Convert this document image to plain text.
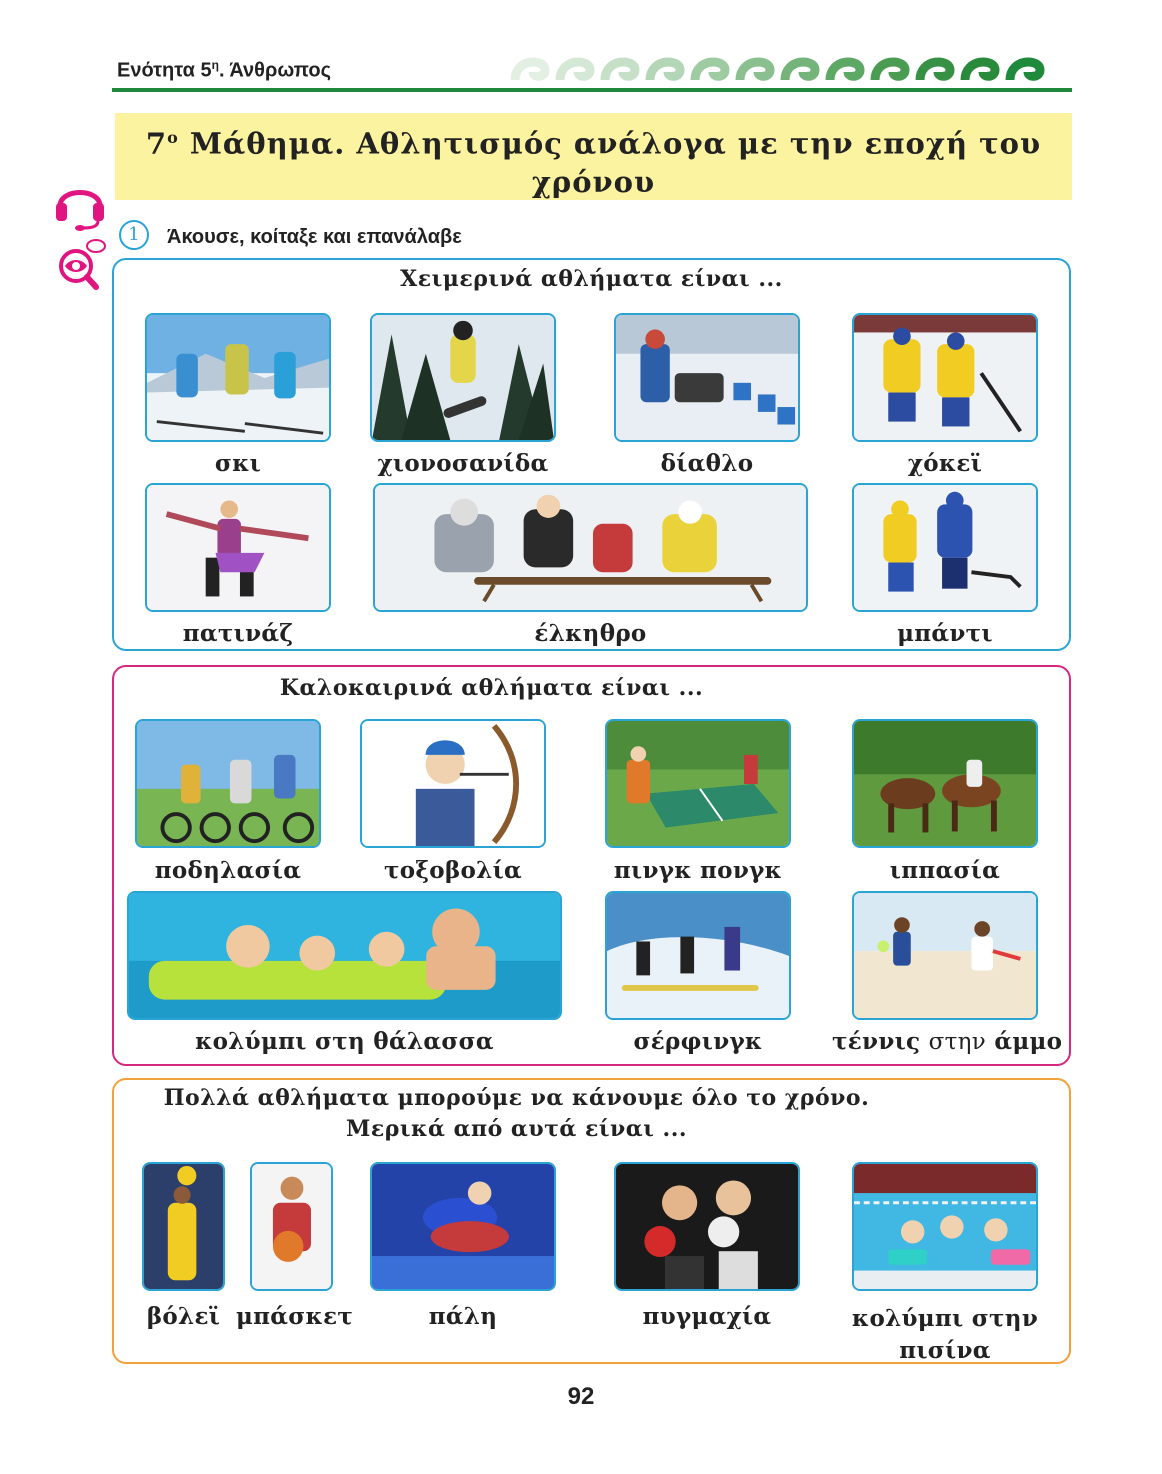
Ενότητα $5^\eta$. Άνθρωπος
$7^o$ Μάθημα. Αθλητισμός ανάλογα με την εποχή του
χρόνου
1	Άκουσε, κοίταξε και επανάλαβε
Χειμερινά αθλήματα είναι ...
σκι	χιονοσανίδα	δίαθλο	χόκεϊ
πατινάζ	έλκηθρο	μπάντι
Καλοκαιρινά αθλήματα είναι ...
ποδηλασία	τοξοβολία	πινγκ πονγκ	ιππασία
κολύμπι στη θάλασσα	σέρφινγκ	τέννις στην άμμο
Πολλά αθλήματα μπορούμε να κάνουμε όλο το χρόνο.
Μερικά από αυτά είναι ...
βόλεϊ μπάσκετ	πάλη	πυγμαχία	κολύμπι στην
πισίνα
92
